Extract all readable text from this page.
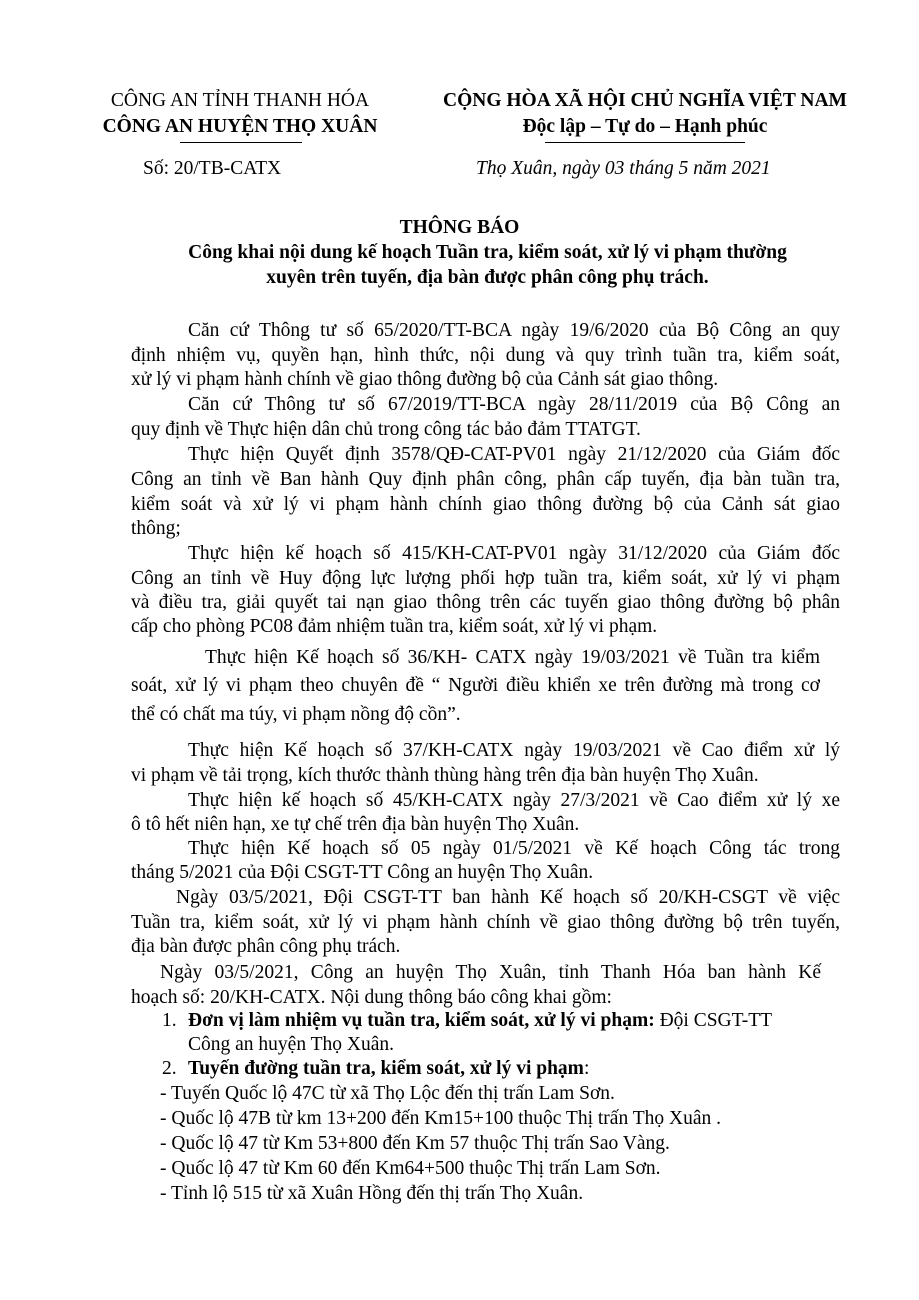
CÔNG AN TỈNH THANH HÓA
CÔNG AN HUYỆN THỌ XUÂN
CỘNG HÒA XÃ HỘI CHỦ NGHĨA VIỆT NAM
Độc lập – Tự do – Hạnh phúc
Số: 20/TB-CATX	Thọ Xuân, ngày 03 tháng 5 năm 2021
THÔNG BÁO
Công khai nội dung kế hoạch Tuần tra, kiểm soát, xử lý vi phạm thường
xuyên trên tuyến, địa bàn được phân công phụ trách.
Căn cứ Thông tư số 65/2020/TT-BCA ngày 19/6/2020 của Bộ Công an quy
định nhiệm vụ, quyền hạn, hình thức, nội dung và quy trình tuần tra, kiểm soát,
xử lý vi phạm hành chính về giao thông đường bộ của Cảnh sát giao thông.
Căn cứ Thông tư số 67/2019/TT-BCA ngày 28/11/2019 của Bộ Công an
quy định về Thực hiện dân chủ trong công tác bảo đảm TTATGT.
Thực hiện Quyết định 3578/QĐ-CAT-PV01 ngày 21/12/2020 của Giám đốc
Công an tỉnh về Ban hành Quy định phân công, phân cấp tuyến, địa bàn tuần tra,
kiểm soát và xử lý vi phạm hành chính giao thông đường bộ của Cảnh sát giao
thông;
Thực hiện kế hoạch số 415/KH-CAT-PV01 ngày 31/12/2020 của Giám đốc
Công an tỉnh về Huy động lực lượng phối hợp tuần tra, kiểm soát, xử lý vi phạm
và điều tra, giải quyết tai nạn giao thông trên các tuyến giao thông đường bộ phân
cấp cho phòng PC08 đảm nhiệm tuần tra, kiểm soát, xử lý vi phạm.
Thực hiện Kế hoạch số 36/KH- CATX ngày 19/03/2021 về Tuần tra kiểm
soát, xử lý vi phạm theo chuyên đề “ Người điều khiển xe trên đường mà trong cơ
thể có chất ma túy, vi phạm nồng độ cồn”.
Thực hiện Kế hoạch số 37/KH-CATX ngày 19/03/2021 về Cao điểm xử lý
vi phạm về tải trọng, kích thước thành thùng hàng trên địa bàn huyện Thọ Xuân.
Thực hiện kế hoạch số 45/KH-CATX ngày 27/3/2021 về Cao điểm xử lý xe
ô tô hết niên hạn, xe tự chế trên địa bàn huyện Thọ Xuân.
Thực hiện Kế hoạch số 05 ngày 01/5/2021 về Kế hoạch Công tác trong
tháng 5/2021 của Đội CSGT-TT Công an huyện Thọ Xuân.
Ngày 03/5/2021, Đội CSGT-TT ban hành Kế hoạch số 20/KH-CSGT về việc
Tuần tra, kiểm soát, xử lý vi phạm hành chính về giao thông đường bộ trên tuyến,
địa bàn được phân công phụ trách.
Ngày 03/5/2021, Công an huyện Thọ Xuân, tỉnh Thanh Hóa ban hành Kế
hoạch số: 20/KH-CATX. Nội dung thông báo công khai gồm:
1. Đơn vị làm nhiệm vụ tuần tra, kiểm soát, xử lý vi phạm: Đội CSGT-TT
Công an huyện Thọ Xuân.
2. Tuyến đường tuần tra, kiểm soát, xử lý vi phạm:
- Tuyến Quốc lộ 47C từ xã Thọ Lộc đến thị trấn Lam Sơn.
- Quốc lộ 47B từ km 13+200 đến Km15+100 thuộc Thị trấn Thọ Xuân .
- Quốc lộ 47 từ Km 53+800 đến Km 57 thuộc Thị trấn Sao Vàng.
- Quốc lộ 47 từ Km 60 đến Km64+500 thuộc Thị trấn Lam Sơn.
- Tỉnh lộ 515 từ xã Xuân Hồng đến thị trấn Thọ Xuân.
